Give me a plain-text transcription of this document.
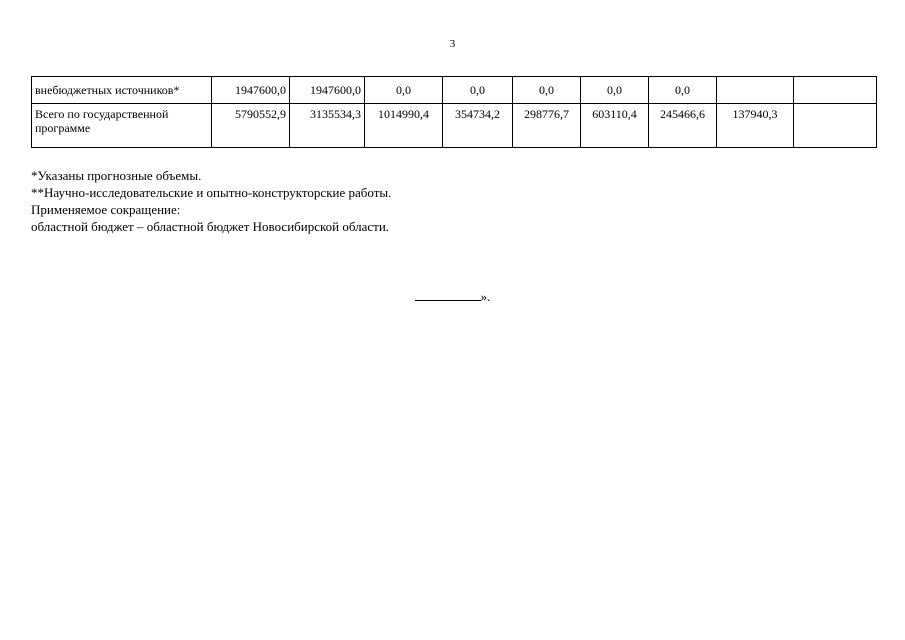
3
внебюджетных источников*	1947600,0	1947600,0	0,0	0,0	0,0	0,0	0,0		
Всего по государственной программе	5790552,9	3135534,3	1014990,4	354734,2	298776,7	603110,4	245466,6	137940,3	
*Указаны прогнозные объемы.
**Научно-исследовательские и опытно-конструкторские работы.
Применяемое сокращение:
областной бюджет – областной бюджет Новосибирской области.
».
